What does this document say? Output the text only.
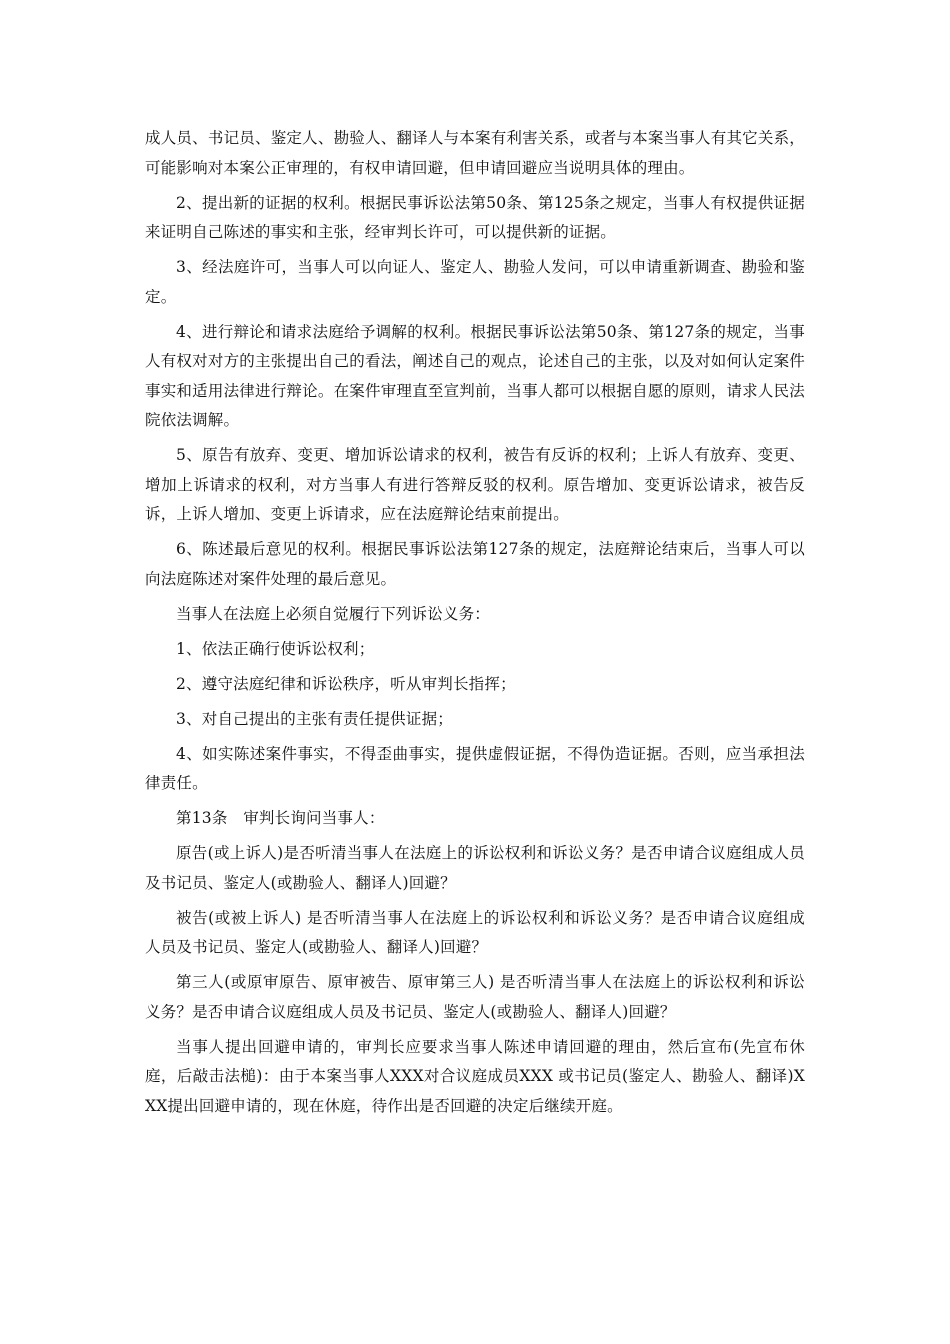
成人员、书记员、鉴定人、勘验人、翻译人与本案有利害关系，或者与本案当事人有其它关系，可能影响对本案公正审理的，有权申请回避，但申请回避应当说明具体的理由。

2、提出新的证据的权利。根据民事诉讼法第50条、第125条之规定，当事人有权提供证据来证明自己陈述的事实和主张，经审判长许可，可以提供新的证据。

3、经法庭许可，当事人可以向证人、鉴定人、勘验人发问，可以申请重新调查、勘验和鉴定。

4、进行辩论和请求法庭给予调解的权利。根据民事诉讼法第50条、第127条的规定，当事人有权对对方的主张提出自己的看法，阐述自己的观点，论述自己的主张，以及对如何认定案件事实和适用法律进行辩论。在案件审理直至宣判前，当事人都可以根据自愿的原则，请求人民法院依法调解。

5、原告有放弃、变更、增加诉讼请求的权利，被告有反诉的权利；上诉人有放弃、变更、增加上诉请求的权利，对方当事人有进行答辩反驳的权利。原告增加、变更诉讼请求，被告反诉，上诉人增加、变更上诉请求，应在法庭辩论结束前提出。

6、陈述最后意见的权利。根据民事诉讼法第127条的规定，法庭辩论结束后，当事人可以向法庭陈述对案件处理的最后意见。

当事人在法庭上必须自觉履行下列诉讼义务：

1、依法正确行使诉讼权利；

2、遵守法庭纪律和诉讼秩序，听从审判长指挥；

3、对自己提出的主张有责任提供证据；

4、如实陈述案件事实，不得歪曲事实，提供虚假证据，不得伪造证据。否则，应当承担法律责任。

第13条　审判长询问当事人：

原告(或上诉人)是否听清当事人在法庭上的诉讼权利和诉讼义务？是否申请合议庭组成人员及书记员、鉴定人(或勘验人、翻译人)回避？

被告(或被上诉人) 是否听清当事人在法庭上的诉讼权利和诉讼义务？是否申请合议庭组成人员及书记员、鉴定人(或勘验人、翻译人)回避？

第三人(或原审原告、原审被告、原审第三人) 是否听清当事人在法庭上的诉讼权利和诉讼义务？是否申请合议庭组成人员及书记员、鉴定人(或勘验人、翻译人)回避？

当事人提出回避申请的，审判长应要求当事人陈述申请回避的理由，然后宣布(先宣布休庭，后敲击法槌)：由于本案当事人XXX对合议庭成员XXX 或书记员(鉴定人、勘验人、翻译)XXX提出回避申请的，现在休庭，待作出是否回避的决定后继续开庭。
